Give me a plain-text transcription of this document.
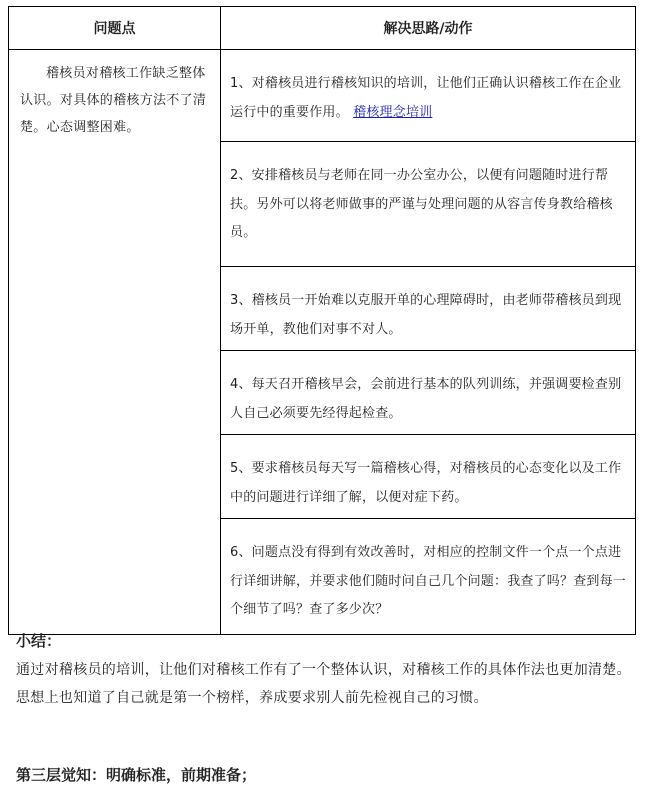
问题点	解决思路/动作

稽核员对稽核工作缺乏整体认识。对具体的稽核方法不了清楚。心态调整困难。	1、对稽核员进行稽核知识的培训，让他们正确认识稽核工作在企业运行中的重要作用。 稽核理念培训

	2、安排稽核员与老师在同一办公室办公，以便有问题随时进行帮扶。另外可以将老师做事的严谨与处理问题的从容言传身教给稽核员。

	3、稽核员一开始难以克服开单的心理障碍时，由老师带稽核员到现场开单，教他们对事不对人。

	4、每天召开稽核早会，会前进行基本的队列训练，并强调要检查别人自己必须要先经得起检查。

	5、要求稽核员每天写一篇稽核心得，对稽核员的心态变化以及工作中的问题进行详细了解，以便对症下药。

	6、问题点没有得到有效改善时，对相应的控制文件一个点一个点进行详细讲解，并要求他们随时问自己几个问题：我查了吗？查到每一个细节了吗？查了多少次？
小结：
通过对稽核员的培训，让他们对稽核工作有了一个整体认识，对稽核工作的具体作法也更加清楚。思想上也知道了自己就是第一个榜样，养成要求别人前先检视自己的习惯。
第三层觉知：明确标准，前期准备；
